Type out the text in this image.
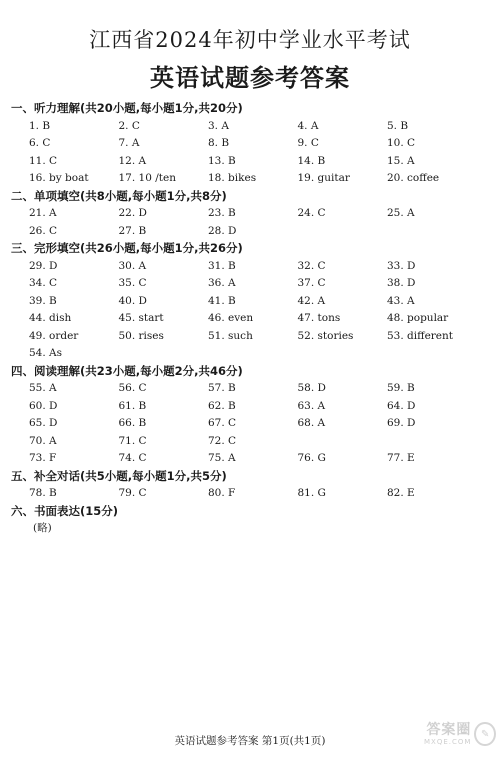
江西省2024年初中学业水平考试
英语试题参考答案
一、听力理解(共20小题,每小题1分,共20分)
1. B	2. C	3. A	4. A	5. B
6. C	7. A	8. B	9. C	10. C
11. C	12. A	13. B	14. B	15. A
16. by boat	17. 10 /ten	18. bikes	19. guitar	20. coffee
二、单项填空(共8小题,每小题1分,共8分)
21. A	22. D	23. B	24. C	25. A
26. C	27. B	28. D
三、完形填空(共26小题,每小题1分,共26分)
29. D	30. A	31. B	32. C	33. D
34. C	35. C	36. A	37. C	38. D
39. B	40. D	41. B	42. A	43. A
44. dish	45. start	46. even	47. tons	48. popular
49. order	50. rises	51. such	52. stories	53. different
54. As
四、阅读理解(共23小题,每小题2分,共46分)
55. A	56. C	57. B	58. D	59. B
60. D	61. B	62. B	63. A	64. D
65. D	66. B	67. C	68. A	69. D
70. A	71. C	72. C
73. F	74. C	75. A	76. G	77. E
五、补全对话(共5小题,每小题1分,共5分)
78. B	79. C	80. F	81. G	82. E
六、书面表达(15分)
(略)
英语试题参考答案 第1页(共1页)
答案圈
MXQE.COM
✎
